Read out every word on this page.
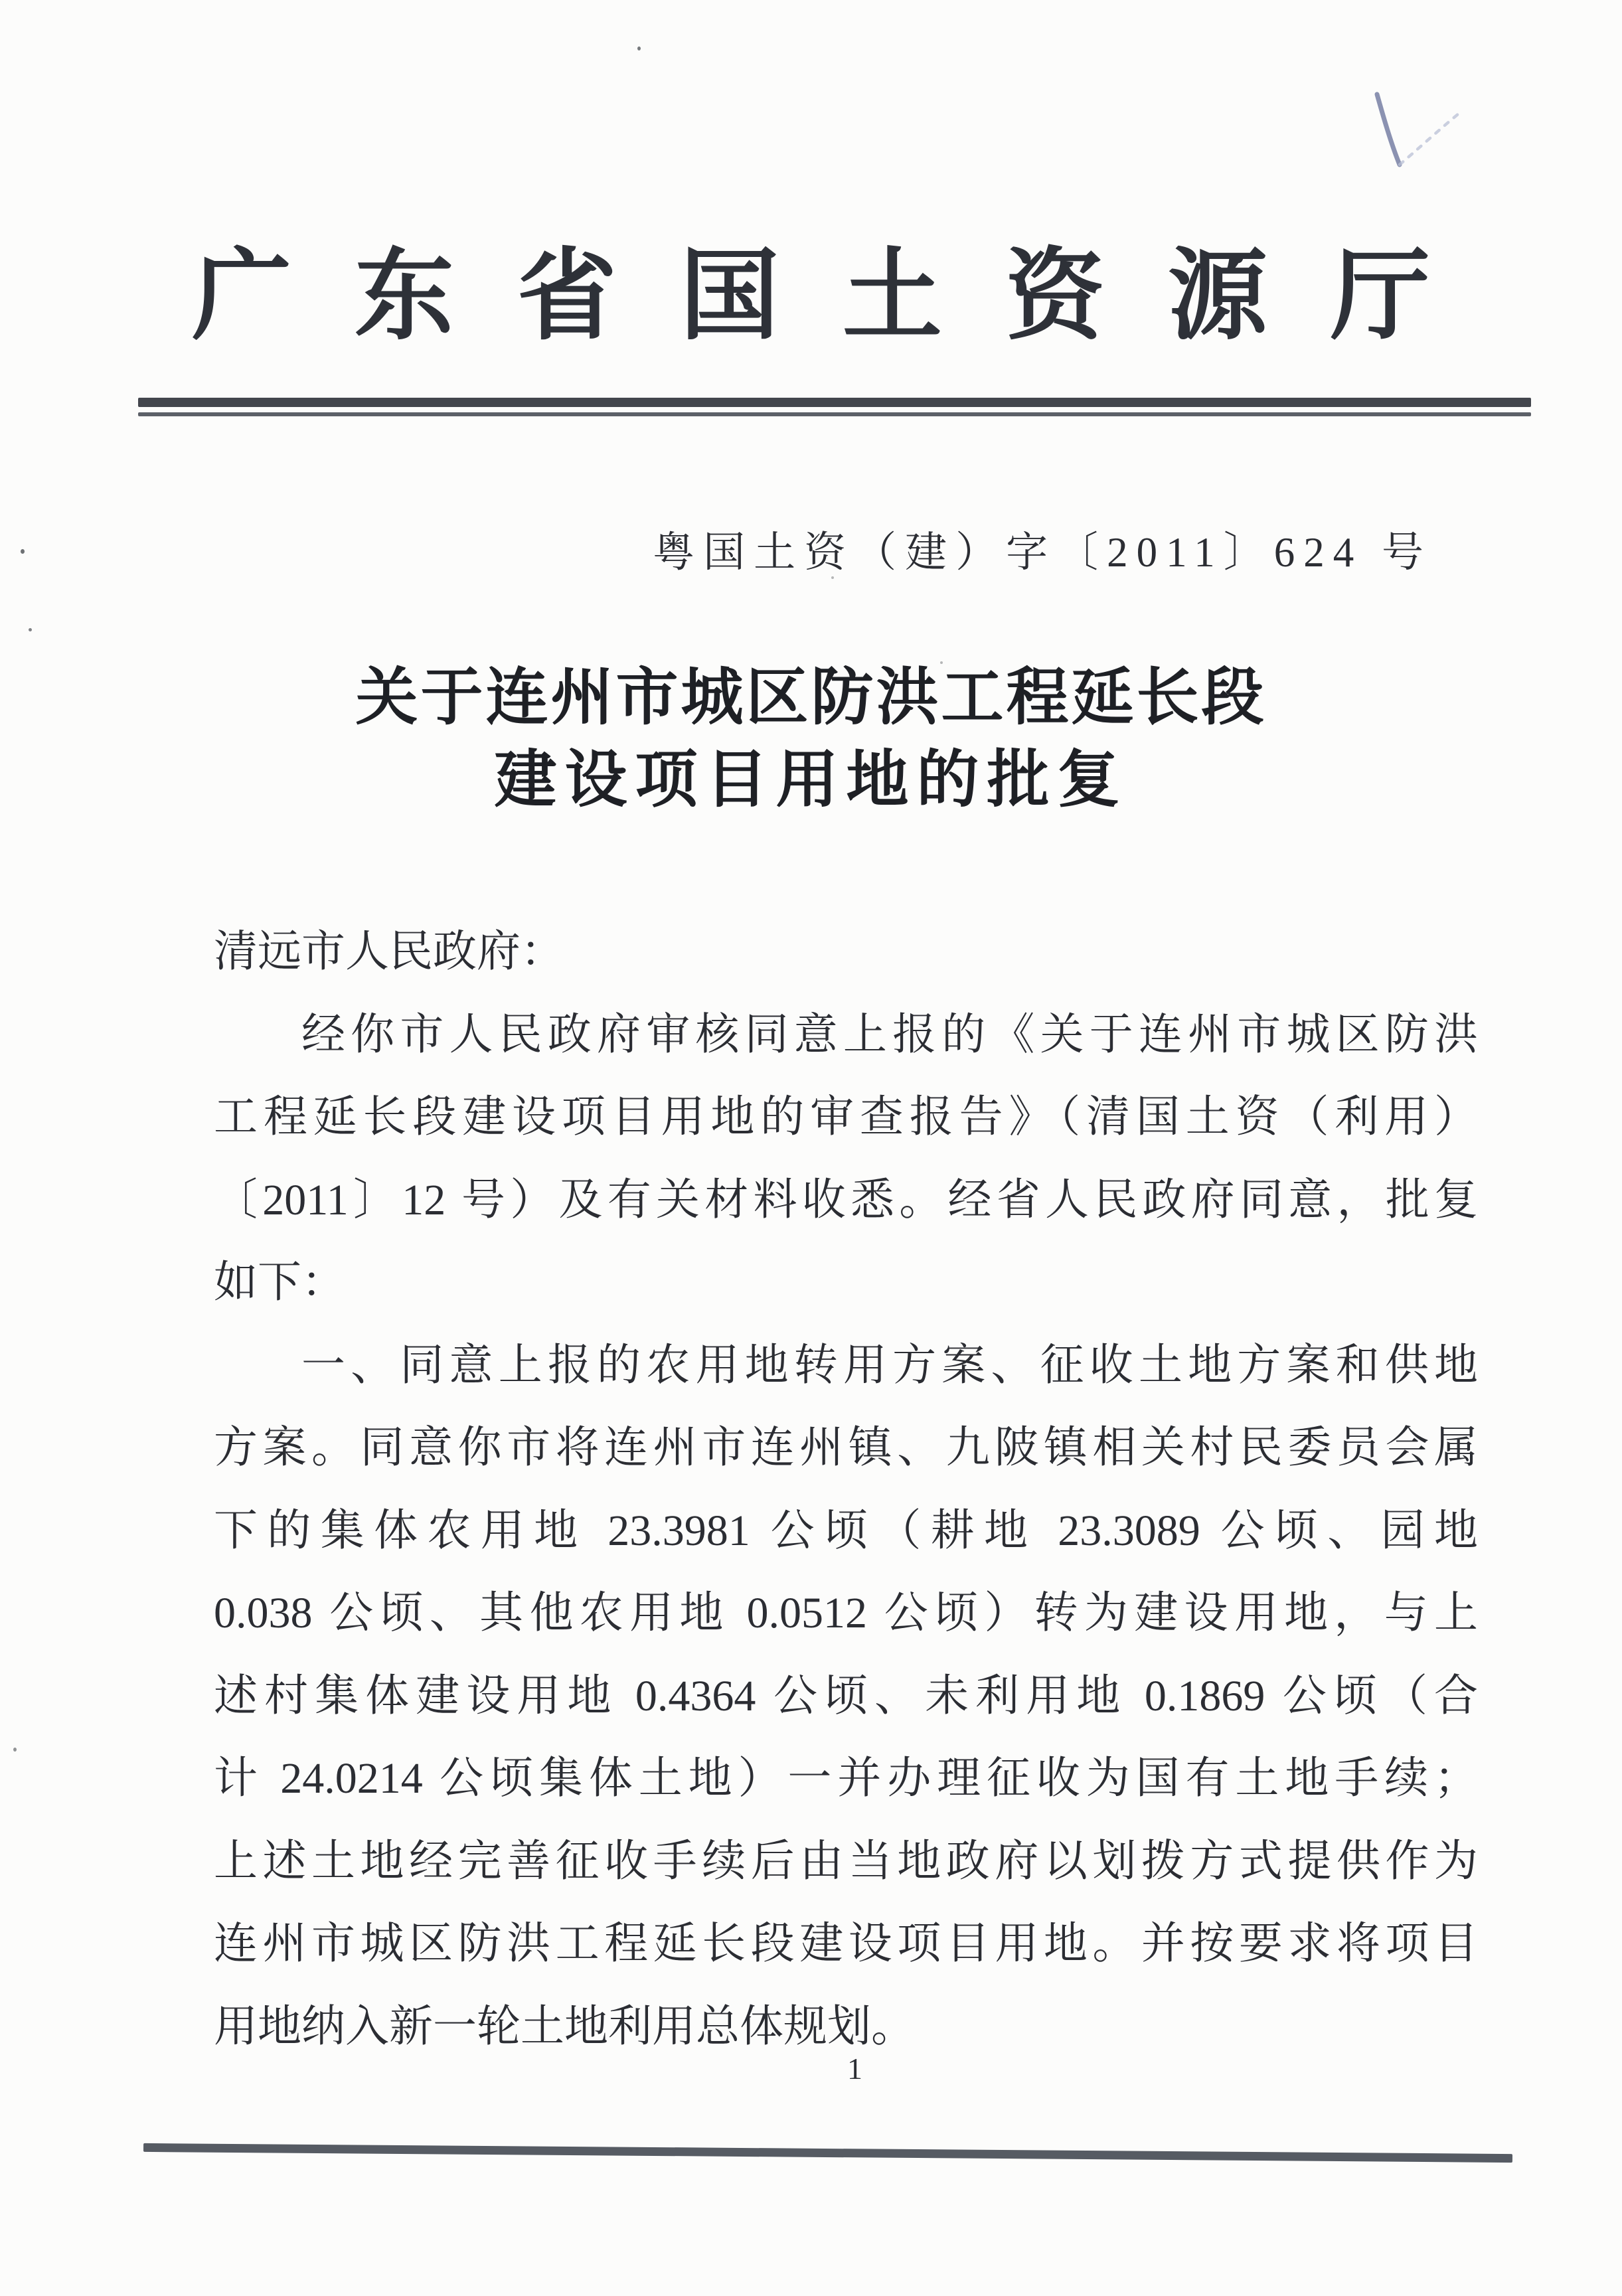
广东省国土资源厅
粤国土资（建）字〔2011〕624 号
关于连州市城区防洪工程延长段
建设项目用地的批复
清远市人民政府：
经你市人民政府审核同意上报的《关于连州市城区防洪
工程延长段建设项目用地的审查报告》（清国土资（利用）
〔2011〕12 号）及有关材料收悉。经省人民政府同意，批复
如下：
一、同意上报的农用地转用方案、征收土地方案和供地
方案。同意你市将连州市连州镇、九陂镇相关村民委员会属
下的集体农用地 23.3981 公顷（耕地 23.3089 公顷、园地
0.038 公顷、其他农用地 0.0512 公顷）转为建设用地，与上
述村集体建设用地 0.4364 公顷、未利用地 0.1869 公顷（合
计 24.0214 公顷集体土地）一并办理征收为国有土地手续；
上述土地经完善征收手续后由当地政府以划拨方式提供作为
连州市城区防洪工程延长段建设项目用地。并按要求将项目
用地纳入新一轮土地利用总体规划。
1
